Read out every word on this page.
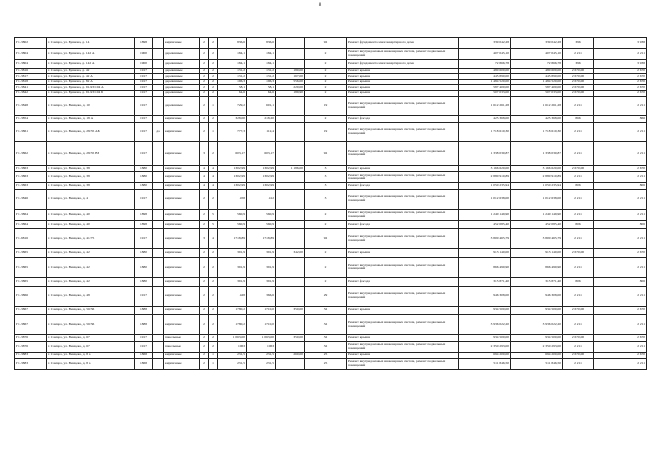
8
Г1-3802	г. Самара, ул. Буянова, д. 14	1898		кирпичные	2	2	836,6	836,6		92	Ремонт фундамента многоквартирного дома	339 042,28	339 042,28	396	3 938
Г1-3804	г. Самара, ул. Буянова, д. 142 А	1900		деревянные	2	2	184,1	184,1		2	Ремонт внутридомовых инженерных систем, ремонт подвальных помещений	407 045,10	407 045,10	2 211	2 211
Г1-3804	г. Самара, ул. Буянова, д. 142 А	1900		деревянные	2	2	184,1	184,1		2	Ремонт фундамента многоквартирного дома	72 866,78	72 866,78	396	3 938
Г1-3816	г. Самара, ул. Буянова, д. 42	1917		деревянные	2	2	131,2	131,2	180,00	2	Ремонт крыши	480 600,00	480 600,00	2 670,00	2 670
Г1-3817	г. Самара, ул. Буянова, д. 42 А	1917		деревянные	2	2	131,2	131,2	167,00	2	Ремонт крыши	445 890,00	445 890,00	2 670,00	2 670
Г1-3818	г. Самара, ул. Буянова, д. 82 А	1917		деревянные	2	2	196,3	196,3	556,00	2	Ремонт крыши	1 484 520,00	1 484 520,00	2 670,00	2 670
Г1-3841	г. Самара, ул. Буянова, д. 91-93/104 А	1917		деревянные	2	2	58,1	58,1	220,00	2	Ремонт крыши	587 400,00	587 400,00	2 670,00	2 670
Г1-3842	г. Самара, ул. Буянова, д. 91-93/104 Б	1917		деревянные	2	2	64,6	64,6	189,90	2	Ремонт крыши	507 033,00	507 033,00	2 670,00	2 670
Г1-3848	г. Самара, ул. Венцека, д. 10	1917		деревянные	2	1	729,2	601,1		19	Ремонт внутридомовых инженерных систем, ремонт подвальных помещений	1 612 261,28	1 612 261,28	2 211	2 211
Г1-3854	г. Самара, ул. Венцека, д. 18 А	1917		кирпичные	2	2	328,00	218,20		2	Ремонт фасада	425 368,00	425 368,00	866	866
Г1-3861	г. Самара, ул. Венцека, д. 28/35 АБ	1917	да	кирпичные	2	1	777,3	112,4		19	Ремонт внутридомовых инженерных систем, ремонт подвальных помещений	1 718 610,30	1 718 610,30	2 211	2 211
Г1-3862	г. Самара, ул. Венцека, д. 28/35 ВЗ	1917		кирпичные	3	2	603,17	603,17		92	Ремонт внутридомовых инженерных систем, ремонт подвальных помещений	1 338 030,87	1 338 030,87	2 211	2 211
Г1-3863	г. Самара, ул. Венцека, д. 38	1880		кирпичные	4	4	1302,99	1302,99	1 186,00	3	Ремонт крыши	3 166 620,00	3 166 620,00	2 670,00	2 670
Г1-3863	г. Самара, ул. Венцека, д. 38	1880		кирпичные	4	4	1302,99	1302,99		3	Ремонт внутридомовых инженерных систем, ремонт подвальных помещений	2 880 910,89	2 880 910,89	2 211	2 211
Г1-3863	г. Самара, ул. Венцека, д. 38	1880		кирпичные	4	4	1302,99	1302,99		3	Ремонт фасада	1 050 235,94	1 050 235,94	806	806
Г1-3846	г. Самара, ул. Венцека, д. 4	1917		кирпичные	2	2	458	412		3	Ремонт внутридомовых инженерных систем, ремонт подвальных помещений	1 012 638,00	1 012 638,00	2 211	2 211
Г1-3864	г. Самара, ул. Венцека, д. 40	1898		кирпичные	2	5	560,9	560,9		2	Ремонт внутридомовых инженерных систем, ремонт подвальных помещений	1 240 149,90	1 240 149,90	2 211	2 211
Г1-3864	г. Самара, ул. Венцека, д. 40	1898		кирпичные	2	5	560,9	560,9		2	Ремонт фасада	452 085,40	452 085,40	806	806
Г1-9816	г. Самара, ул. Венцека, д. 41/75	1917		кирпичные	3	4	1718,89	1718,89		92	Ремонт внутридомовых инженерных систем, ремонт подвальных помещений	3 800 465,79	3 800 465,79	2 211	2 211
Г1-3865	г. Самара, ул. Венцека, д. 42	1880		кирпичные	2	2	391,9	391,9	342,00	2	Ремонт крыши	913 140,00	913 140,00	2 670,00	2 670
Г1-3865	г. Самара, ул. Венцека, д. 42	1880		кирпичные	2	2	391,9	391,9		2	Ремонт внутридомовых инженерных систем, ремонт подвальных помещений	866 490,90	866 490,90	2 211	2 211
Г1-3865	г. Самара, ул. Венцека, д. 42	1880		кирпичные	2	2	391,9	391,9		2	Ремонт фасада	315 871,40	315 871,40	806	806
Г1-3866	г. Самара, ул. Венцека, д. 48	1917		кирпичные	2	2	428	366,6		29	Ремонт внутридомовых инженерных систем, ремонт подвальных помещений	946 308,00	946 308,00	2 211	2 211
Г1-3867	г. Самара, ул. Венцека, д. 50/36	1888		кирпичные	2	2	1780,2	1710,0	350,00	32	Ремонт крыши	934 500,00	934 500,00	2 670,00	2 670
Г1-3867	г. Самара, ул. Венцека, д. 50/36	1888		кирпичные	2	2	1780,2	1710,0		32	Ремонт внутридомовых инженерных систем, ремонт подвальных помещений	3 936 022,20	3 936 022,20	2 211	2 211
Г1-3876	г. Самара, ул. Венцека, д. 67	1917		панельные	2	2	1 063,00	1 063,00	350,00	32	Ремонт крыши	934 500,00	934 500,00	2 670,00	2 670
Г1-3876	г. Самара, ул. Венцека, д. 67	1917		панельные	2	2	1063	1063		32	Ремонт внутридомовых инженерных систем, ремонт подвальных помещений	2 350 293,00	2 350 293,00	2 211	2 211
Г1-3883	г. Самара, ул. Венцека, д. 8 а	1868		кирпичные	2	1	231,5	231,5	260,00	25	Ремонт крыши	694 200,00	694 200,00	2 670,00	2 670
Г1-3883	г. Самара, ул. Венцека, д. 8 а	1868		кирпичные	2	1	231,5	231,5		25	Ремонт внутридомовых инженерных систем, ремонт подвальных помещений	511 846,50	511 846,50	2 211	2 211
